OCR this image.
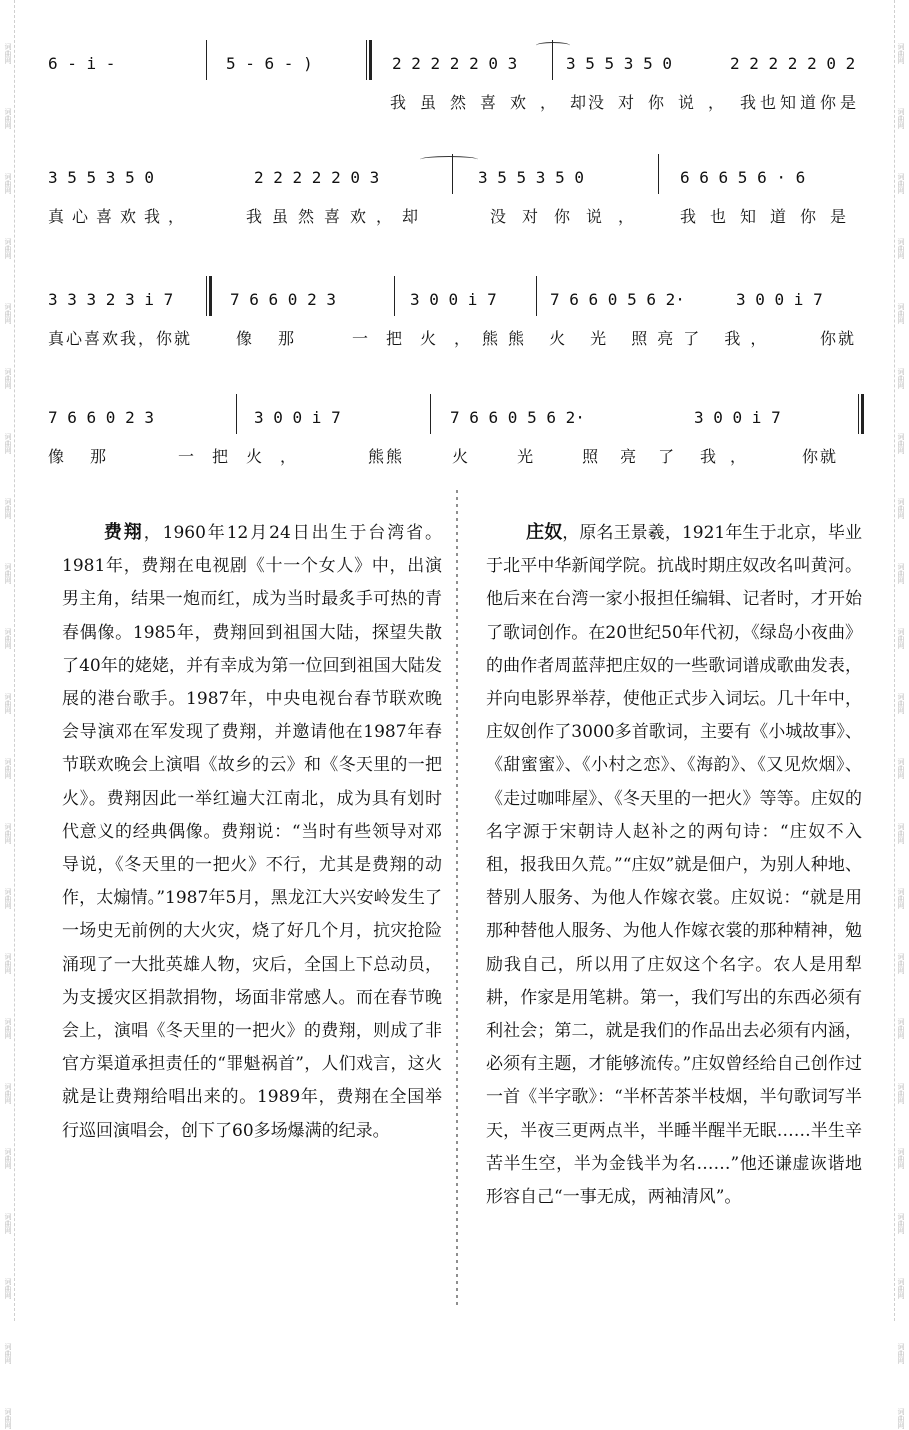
词
曲
网
词
曲
网
词
曲
网
词
曲
网
词
曲
网
词
曲
网
词
曲
网
词
曲
网
词
曲
网
词
曲
网
词
曲
网
词
曲
网
词
曲
网
词
曲
网
词
曲
网
词
曲
网
词
曲
网
词
曲
网
词
曲
网
词
曲
网
词
曲
网
词
曲
网
词
曲
网
词
曲
网
词
曲
网
词
曲
网
词
曲
网
词
曲
网
词
曲
网
词
曲
网
词
曲
网
词
曲
网
词
曲
网
词
曲
网
词
曲
网
词
曲
网
词
曲
网
词
曲
网
词
曲
网
词
曲
网
词
曲
网
词
曲
网
词
曲
网
词
曲
网
6 - i -	5 - 6 - )	2 2 2 2 2 0 3	3 5 5 3 5 0	2 2 2 2 2 0 2
我虽然喜欢，却
没对你说， 我也知道你是
3 5 5 3 5 0	2 2 2 2 2 0 3	3 5 5 3 5 0	6 6 6 5 6 · 6
真心喜欢我，	我虽然喜欢，却	没对你说， 我也知道你是
3 3 3 2 3 i 7	7 6 6 0 2 3	3 0 0 i 7	7 6 6 0 5 6 2·	3 0 0 i 7
真心喜欢我，你就	像那 一把火，
熊熊 火 光 照亮了 我，	你就
7 6 6 0 2 3	3 0 0 i 7	7 6 6 0 5 6 2·	3 0 0 i 7
像那	一把火，	熊熊	火 光 照亮了 我，	你就
费翔，1960年12月24日出生于台湾省。1981年，费翔在电视剧《十一个女人》中，出演男主角，结果一炮而红，成为当时最炙手可热的青春偶像。1985年，费翔回到祖国大陆，探望失散了40年的姥姥，并有幸成为第一位回到祖国大陆发展的港台歌手。1987年，中央电视台春节联欢晚会导演邓在军发现了费翔，并邀请他在1987年春节联欢晚会上演唱《故乡的云》和《冬天里的一把火》。费翔因此一举红遍大江南北，成为具有划时代意义的经典偶像。费翔说：“当时有些领导对邓导说，《冬天里的一把火》不行，尤其是费翔的动作，太煽情。”1987年5月，黑龙江大兴安岭发生了一场史无前例的大火灾，烧了好几个月，抗灾抢险涌现了一大批英雄人物，灾后，全国上下总动员，为支援灾区捐款捐物，场面非常感人。而在春节晚会上，演唱《冬天里的一把火》的费翔，则成了非官方渠道承担责任的“罪魁祸首”，人们戏言，这火就是让费翔给唱出来的。1989年，费翔在全国举行巡回演唱会，创下了60多场爆满的纪录。
庄奴，原名王景羲，1921年生于北京，毕业于北平中华新闻学院。抗战时期庄奴改名叫黄河。他后来在台湾一家小报担任编辑、记者时，才开始了歌词创作。在20世纪50年代初，《绿岛小夜曲》的曲作者周蓝萍把庄奴的一些歌词谱成歌曲发表，并向电影界举荐，使他正式步入词坛。几十年中，庄奴创作了3000多首歌词，主要有《小城故事》、《甜蜜蜜》、《小村之恋》、《海韵》、《又见炊烟》、《走过咖啡屋》、《冬天里的一把火》等等。庄奴的名字源于宋朝诗人赵补之的两句诗：“庄奴不入租，报我田久荒。”“庄奴”就是佃户，为别人种地、替别人服务、为他人作嫁衣裳。庄奴说：“就是用那种替他人服务、为他人作嫁衣裳的那种精神，勉励我自己，所以用了庄奴这个名字。农人是用犁耕，作家是用笔耕。第一，我们写出的东西必须有利社会；第二，就是我们的作品出去必须有内涵，必须有主题，才能够流传。”庄奴曾经给自己创作过一首《半字歌》：“半杯苦茶半枝烟，半句歌词写半天，半夜三更两点半，半睡半醒半无眠……半生辛苦半生空，半为金钱半为名……”他还谦虚诙谐地形容自己“一事无成，两袖清风”。
